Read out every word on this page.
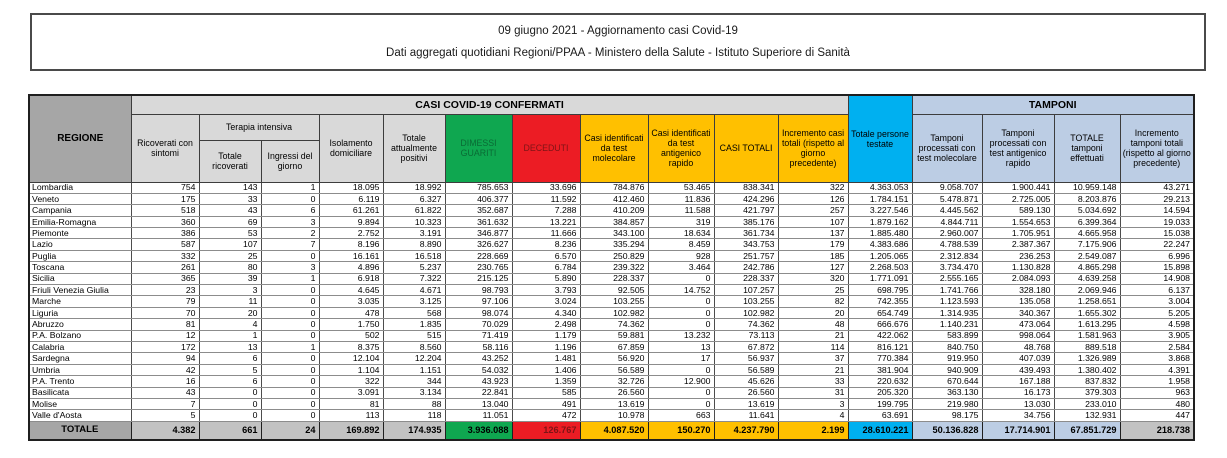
09 giugno 2021 - Aggiornamento casi Covid-19
Dati aggregati quotidiani Regioni/PPAA - Ministero della Salute - Istituto Superiore di Sanità
REGIONE	CASI COVID-19 CONFERMATI											Totale persone testate	TAMPONI			
	Ricoverati con sintomi	Terapia intensiva		Isolamento domiciliare	Totale attualmente positivi	DIMESSI GUARITI	DECEDUTI	Casi identificati da test molecolare	Casi identificati da test antigenico rapido	CASI TOTALI	Incremento casi totali (rispetto al giorno precedente)		Tamponi processati con test molecolare	Tamponi processati con test antigenico rapido	TOTALE tamponi effettuati	Incremento tamponi totali (rispetto al giorno precedente)
		Totale ricoverati	Ingressi del giorno													
Lombardia	754	143	1	18.095	18.992	785.653	33.696	784.876	53.465	838.341	322	4.363.053	9.058.707	1.900.441	10.959.148	43.271
Veneto	175	33	0	6.119	6.327	406.377	11.592	412.460	11.836	424.296	126	1.784.151	5.478.871	2.725.005	8.203.876	29.213
Campania	518	43	6	61.261	61.822	352.687	7.288	410.209	11.588	421.797	257	3.227.546	4.445.562	589.130	5.034.692	14.594
Emilia-Romagna	360	69	3	9.894	10.323	361.632	13.221	384.857	319	385.176	107	1.879.162	4.844.711	1.554.653	6.399.364	19.033
Piemonte	386	53	2	2.752	3.191	346.877	11.666	343.100	18.634	361.734	137	1.885.480	2.960.007	1.705.951	4.665.958	15.038
Lazio	587	107	7	8.196	8.890	326.627	8.236	335.294	8.459	343.753	179	4.383.686	4.788.539	2.387.367	7.175.906	22.247
Puglia	332	25	0	16.161	16.518	228.669	6.570	250.829	928	251.757	185	1.205.065	2.312.834	236.253	2.549.087	6.996
Toscana	261	80	3	4.896	5.237	230.765	6.784	239.322	3.464	242.786	127	2.268.503	3.734.470	1.130.828	4.865.298	15.898
Sicilia	365	39	1	6.918	7.322	215.125	5.890	228.337	0	228.337	320	1.771.091	2.555.165	2.084.093	4.639.258	14.908
Friuli Venezia Giulia	23	3	0	4.645	4.671	98.793	3.793	92.505	14.752	107.257	25	698.795	1.741.766	328.180	2.069.946	6.137
Marche	79	11	0	3.035	3.125	97.106	3.024	103.255	0	103.255	82	742.355	1.123.593	135.058	1.258.651	3.004
Liguria	70	20	0	478	568	98.074	4.340	102.982	0	102.982	20	654.749	1.314.935	340.367	1.655.302	5.205
Abruzzo	81	4	0	1.750	1.835	70.029	2.498	74.362	0	74.362	48	666.676	1.140.231	473.064	1.613.295	4.598
P.A. Bolzano	12	1	0	502	515	71.419	1.179	59.881	13.232	73.113	21	422.062	583.899	998.064	1.581.963	3.905
Calabria	172	13	1	8.375	8.560	58.116	1.196	67.859	13	67.872	114	816.121	840.750	48.768	889.518	2.584
Sardegna	94	6	0	12.104	12.204	43.252	1.481	56.920	17	56.937	37	770.384	919.950	407.039	1.326.989	3.868
Umbria	42	5	0	1.104	1.151	54.032	1.406	56.589	0	56.589	21	381.904	940.909	439.493	1.380.402	4.391
P.A. Trento	16	6	0	322	344	43.923	1.359	32.726	12.900	45.626	33	220.632	670.644	167.188	837.832	1.958
Basilicata	43	0	0	3.091	3.134	22.841	585	26.560	0	26.560	31	205.320	363.130	16.173	379.303	963
Molise	7	0	0	81	88	13.040	491	13.619	0	13.619	3	199.795	219.980	13.030	233.010	480
Valle d'Aosta	5	0	0	113	118	11.051	472	10.978	663	11.641	4	63.691	98.175	34.756	132.931	447
TOTALE	4.382	661	24	169.892	174.935	3.936.088	126.767	4.087.520	150.270	4.237.790	2.199	28.610.221	50.136.828	17.714.901	67.851.729	218.738
